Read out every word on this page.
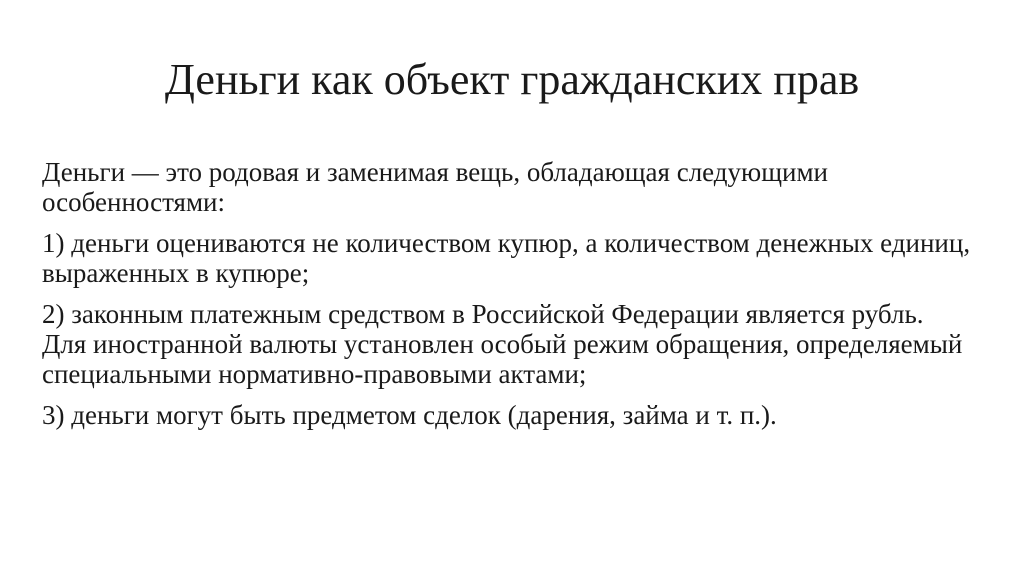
Деньги как объект гражданских прав

Деньги — это родовая и заменимая вещь, обладающая следующими особенностями:

1) деньги оцениваются не количеством купюр, а количеством денежных единиц, выраженных в купюре;

2) законным платежным средством в Российской Федерации является рубль. Для иностранной валюты установлен особый режим обращения, определяемый специальными нормативно-правовыми актами;

3) деньги могут быть предметом сделок (дарения, займа и т. п.).
